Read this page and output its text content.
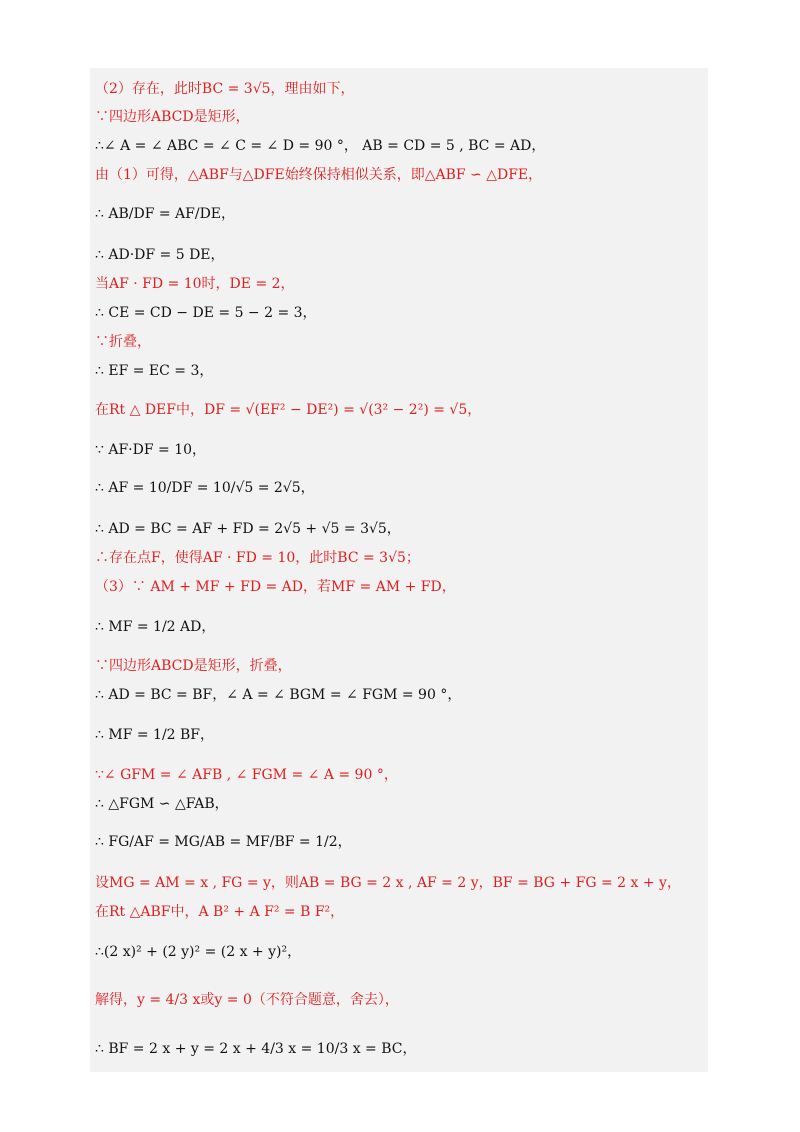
（2）存在，此时BC = 3√5，理由如下，
∵四边形ABCD是矩形，
∴∠ A = ∠ ABC = ∠ C = ∠ D = 90 °， AB = CD = 5 , BC = AD，
由（1）可得，△ABF与△DFE始终保持相似关系，即△ABF ∽ △DFE，
∴ AB/DF = AF/DE，
∴ AD·DF = 5 DE，
当AF · FD = 10时，DE = 2，
∴ CE = CD − DE = 5 − 2 = 3，
∵折叠，
∴ EF = EC = 3，
在Rt △ DEF中，DF = √(EF² − DE²) = √(3² − 2²) = √5，
∵ AF·DF = 10，
∴ AF = 10/DF = 10/√5 = 2√5，
∴ AD = BC = AF + FD = 2√5 + √5 = 3√5，
∴存在点F，使得AF · FD = 10，此时BC = 3√5；
（3）∵ AM + MF + FD = AD，若MF = AM + FD，
∴ MF = 1/2 AD，
∵四边形ABCD是矩形，折叠，
∴ AD = BC = BF，∠ A = ∠ BGM = ∠ FGM = 90 °，
∴ MF = 1/2 BF，
∵∠ GFM = ∠ AFB , ∠ FGM = ∠ A = 90 °，
∴ △FGM ∽ △FAB，
∴ FG/AF = MG/AB = MF/BF = 1/2，
设MG = AM = x , FG = y，则AB = BG = 2 x , AF = 2 y，BF = BG + FG = 2 x + y，
在Rt △ABF中，A B² + A F² = B F²，
∴(2 x)² + (2 y)² = (2 x + y)²，
解得，y = 4/3 x或y = 0（不符合题意，舍去），
∴ BF = 2 x + y = 2 x + 4/3 x = 10/3 x = BC，
